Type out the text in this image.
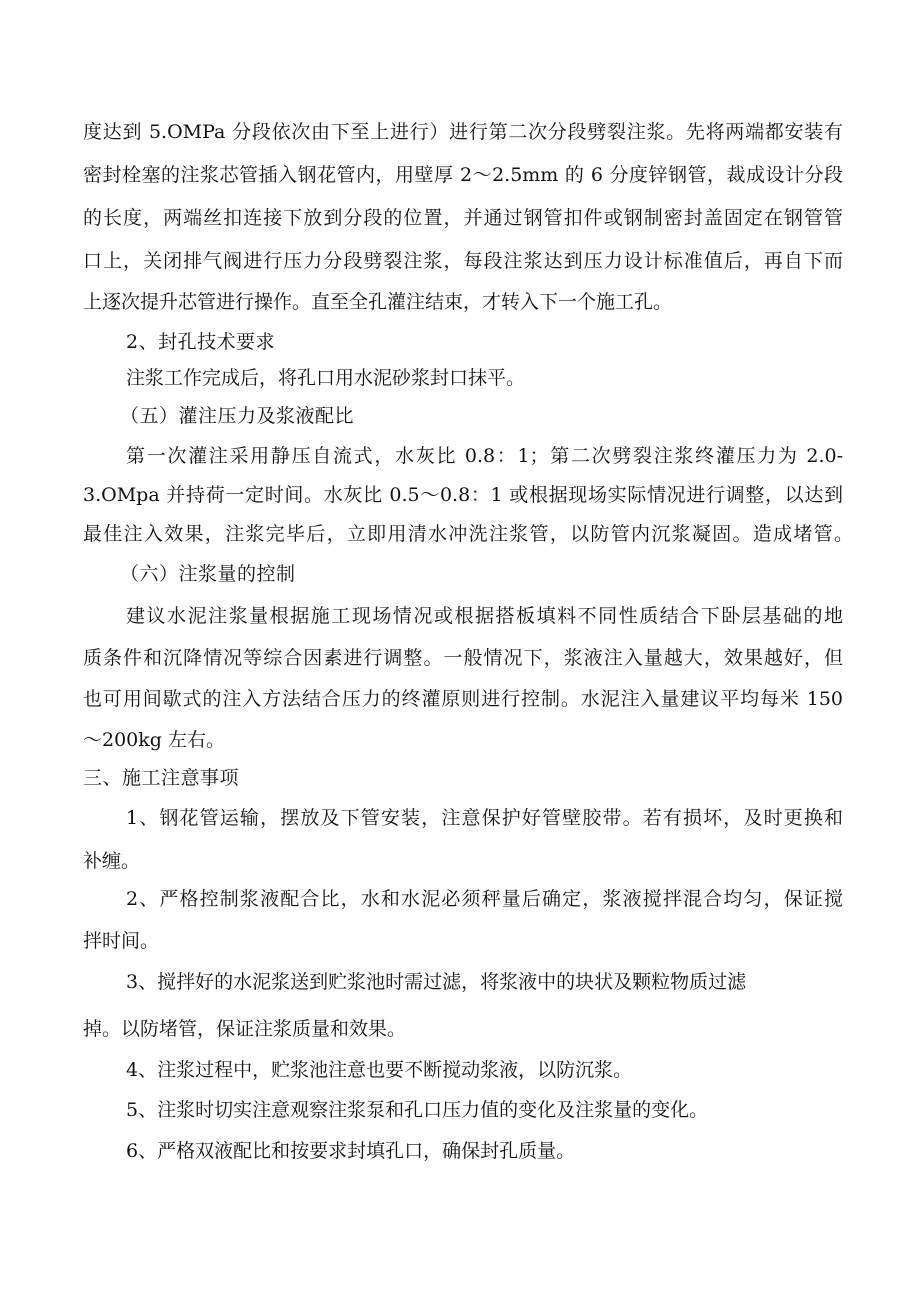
度达到 5.OMPa 分段依次由下至上进行）进行第二次分段劈裂注浆。先将两端都安装有
密封栓塞的注浆芯管插入钢花管内，用壁厚 2～2.5mm 的 6 分度锌钢管，裁成设计分段
的长度，两端丝扣连接下放到分段的位置，并通过钢管扣件或钢制密封盖固定在钢管管
口上，关闭排气阀进行压力分段劈裂注浆，每段注浆达到压力设计标准值后，再自下而
上逐次提升芯管进行操作。直至全孔灌注结束，才转入下一个施工孔。
2、封孔技术要求
注浆工作完成后，将孔口用水泥砂浆封口抹平。
（五）灌注压力及浆液配比
第一次灌注采用静压自流式，水灰比 0.8：1；第二次劈裂注浆终灌压力为 2.0-
3.OMpa 并持荷一定时间。水灰比 0.5～0.8：1 或根据现场实际情况进行调整，以达到
最佳注入效果，注浆完毕后，立即用清水冲洗注浆管，以防管内沉浆凝固。造成堵管。
（六）注浆量的控制
建议水泥注浆量根据施工现场情况或根据搭板填料不同性质结合下卧层基础的地
质条件和沉降情况等综合因素进行调整。一般情况下，浆液注入量越大，效果越好，但
也可用间歇式的注入方法结合压力的终灌原则进行控制。水泥注入量建议平均每米 150
～200kg 左右。
三、施工注意事项
1、钢花管运输，摆放及下管安装，注意保护好管壁胶带。若有损坏，及时更换和
补缠。
2、严格控制浆液配合比，水和水泥必须秤量后确定，浆液搅拌混合均匀，保证搅
拌时间。
3、搅拌好的水泥浆送到贮浆池时需过滤，将浆液中的块状及颗粒物质过滤
掉。以防堵管，保证注浆质量和效果。
4、注浆过程中，贮浆池注意也要不断搅动浆液，以防沉浆。
5、注浆时切实注意观察注浆泵和孔口压力值的变化及注浆量的变化。
6、严格双液配比和按要求封填孔口，确保封孔质量。
